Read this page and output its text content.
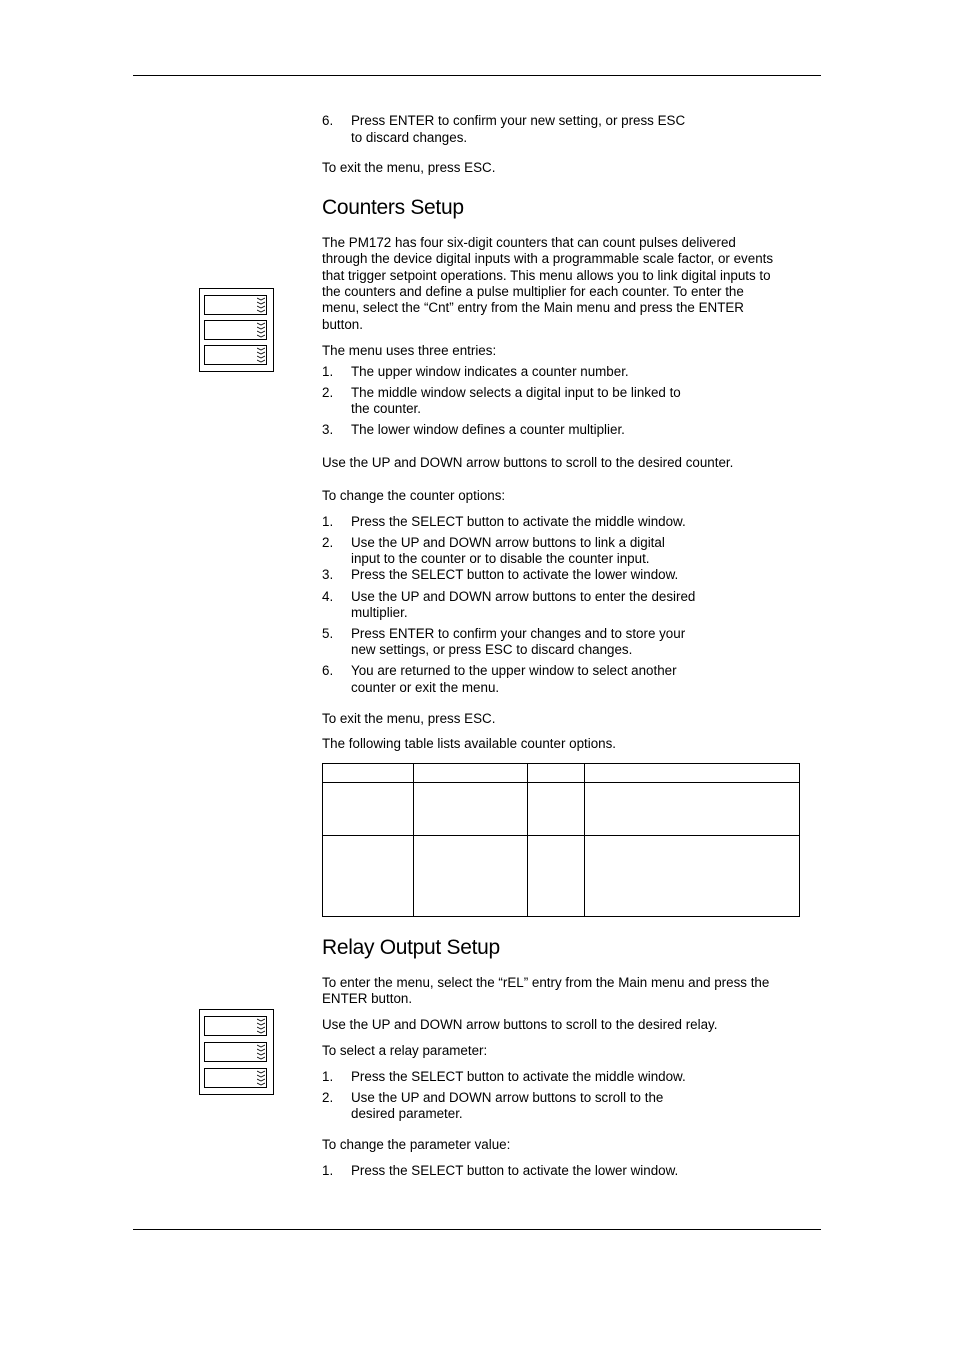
6. Press ENTER to confirm your new setting, or press ESC
to discard changes.
To exit the menu, press ESC.
Counters Setup
The PM172 has four six-digit counters that can count pulses delivered
through the device digital inputs with a programmable scale factor, or events
that trigger setpoint operations. This menu allows you to link digital inputs to
the counters and define a pulse multiplier for each counter. To enter the
menu, select the “Cnt” entry from the Main menu and press the ENTER
button.
The menu uses three entries:
1. The upper window indicates a counter number.
2. The middle window selects a digital input to be linked to
the counter.
3. The lower window defines a counter multiplier.
Use the UP and DOWN arrow buttons to scroll to the desired counter.
To change the counter options:
1. Press the SELECT button to activate the middle window.
2. Use the UP and DOWN arrow buttons to link a digital
input to the counter or to disable the counter input.
3. Press the SELECT button to activate the lower window.
4. Use the UP and DOWN arrow buttons to enter the desired
multiplier.
5. Press ENTER to confirm your changes and to store your
new settings, or press ESC to discard changes.
6. You are returned to the upper window to select another
counter or exit the menu.
To exit the menu, press ESC.
The following table lists available counter options.
Relay Output Setup
To enter the menu, select the “rEL” entry from the Main menu and press the
ENTER button.
Use the UP and DOWN arrow buttons to scroll to the desired relay.
To select a relay parameter:
1. Press the SELECT button to activate the middle window.
2. Use the UP and DOWN arrow buttons to scroll to the
desired parameter.
To change the parameter value:
1. Press the SELECT button to activate the lower window.
